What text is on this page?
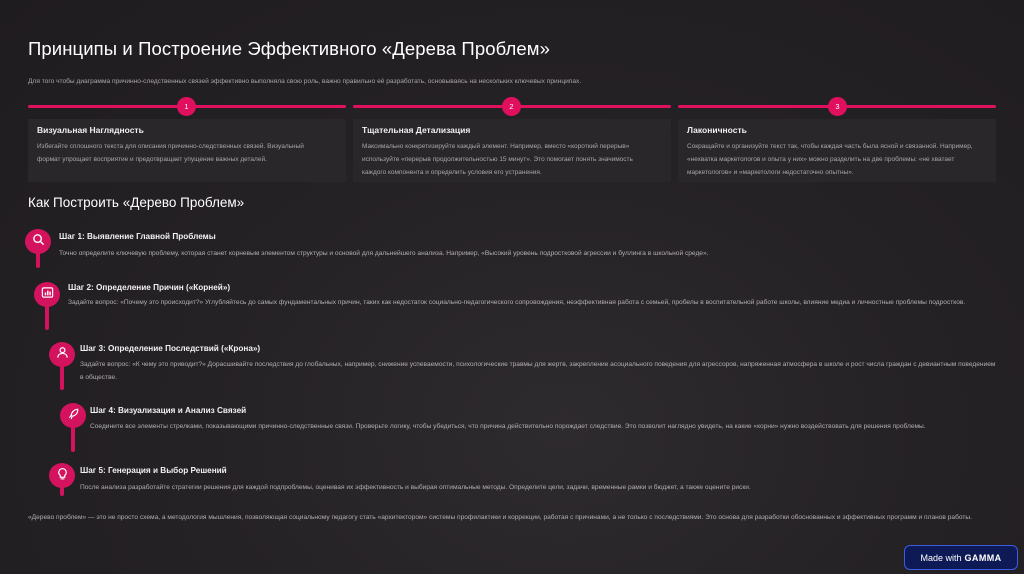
Принципы и Построение Эффективного «Дерева Проблем»
Для того чтобы диаграмма причинно-следственных связей эффективно выполняла свою роль, важно правильно её разработать, основываясь на нескольких ключевых принципах.
1	2	3
Визуальная Наглядность
Избегайте сплошного текста для описания причинно-следственных связей. Визуальный формат упрощает восприятие и предотвращает упущение важных деталей.
Тщательная Детализация
Максимально конкретизируйте каждый элемент. Например, вместо «короткий перерыв» используйте «перерыв продолжительностью 15 минут». Это помогает понять значимость каждого компонента и определить условия его устранения.
Лаконичность
Сокращайте и организуйте текст так, чтобы каждая часть была ясной и связанной. Например, «нехватка маркетологов и опыта у них» можно разделить на две проблемы: «не хватает маркетологов» и «маркетологи недостаточно опытны».
Как Построить «Дерево Проблем»
Шаг 1: Выявление Главной Проблемы
Точно определите ключевую проблему, которая станет корневым элементом структуры и основой для дальнейшего анализа. Например, «Высокий уровень подростковой агрессии и буллинга в школьной среде».
Шаг 2: Определение Причин («Корней»)
Задайте вопрос: «Почему это происходит?» Углубляйтесь до самых фундаментальных причин, таких как недостаток социально-педагогического сопровождения, неэффективная работа с семьей, пробелы в воспитательной работе школы, влияние медиа и личностные проблемы подростков.
Шаг 3: Определение Последствий («Крона»)
Задайте вопрос: «К чему это приводит?» Дорасшивайте последствия до глобальных, например, снижение успеваемости, психологические травмы для жертв, закрепление асоциального поведения для агрессоров, напряженная атмосфера в школе и рост числа граждан с девиантным поведением в обществе.
Шаг 4: Визуализация и Анализ Связей
Соедините все элементы стрелками, показывающими причинно-следственные связи. Проверьте логику, чтобы убедиться, что причина действительно порождает следствие. Это позволит наглядно увидеть, на какие «корни» нужно воздействовать для решения проблемы.
Шаг 5: Генерация и Выбор Решений
После анализа разработайте стратегии решения для каждой подпроблемы, оценивая их эффективность и выбирая оптимальные методы. Определите цели, задачи, временные рамки и бюджет, а также оцените риски.
«Дерево проблем» — это не просто схема, а методология мышления, позволяющая социальному педагогу стать «архитектором» системы профилактики и коррекции, работая с причинами, а не только с последствиями. Это основа для разработки обоснованных и эффективных программ и планов работы.
Made with GAMMA
